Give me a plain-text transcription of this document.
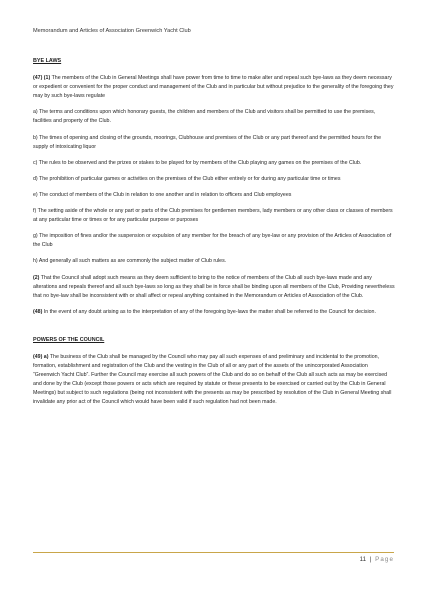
Memorandum and Articles of Association Greenwich Yacht Club
BYE LAWS

(47) (1) The members of the Club in General Meetings shall have power from time to time to make alter and repeal such bye-laws as they deem necessary or expedient or convenient for the proper conduct and management of the Club and in particular but without prejudice to the generality of the foregoing they may by such bye-laws regulate

a) The terms and conditions upon which honorary guests, the children and members of the Club and visitors shall be permitted to use the premises, facilities and property of the Club.

b) The times of opening and closing of the grounds, moorings, Clubhouse and premises of the Club or any part thereof and the permitted hours for the supply of intoxicating liquor

c) The rules to be observed and the prizes or stakes to be played for by members of the Club playing any games on the premises of the Club.

d) The prohibition of particular games or activities on the premises of the Club either entirely or for during any particular time or times

e) The conduct of members of the Club in relation to one another and in relation to officers and Club employees

f) The setting aside of the whole or any part or parts of the Club premises for gentlemen members, lady members or any other class or classes of members at any particular time or times or for any particular purpose or purposes

g) The imposition of fines and/or the suspension or expulsion of any member for the breach of any bye-law or any provision of the Articles of Association of the Club

h) And generally all such matters as are commonly the subject matter of Club rules.

(2) That the Council shall adopt such means as they deem sufficient to bring to the notice of members of the Club all such bye-laws made and any alterations and repeals thereof and all such bye-laws so long as they shall be in force shall be binding upon all members of the Club, Providing nevertheless that no bye-law shall be inconsistent with or shall affect or repeal anything contained in the Memorandum or Articles of Association of the Club.

(48) In the event of any doubt arising as to the interpretation of any of the foregoing bye-laws the matter shall be referred to the Council for decision.

POWERS OF THE COUNCIL

(49) a) The business of the Club shall be managed by the Council who may pay all such expenses of and preliminary and incidental to the promotion, formation, establishment and registration of the Club and the vesting in the Club of all or any part of the assets of the unincorporated Association “Greenwich Yacht Club”. Further the Council may exercise all such powers of the Club and do so on behalf of the Club all such acts as may be exercised and done by the Club (except those powers or acts which are required by statute or these presents to be exercised or carried out by the Club in General Meetings) but subject to such regulations (being not inconsistent with the presents as may be prescribed by resolution of the Club in General Meeting shall invalidate any prior act of the Council which would have been valid if such regulation had not been made.

11 | Page
